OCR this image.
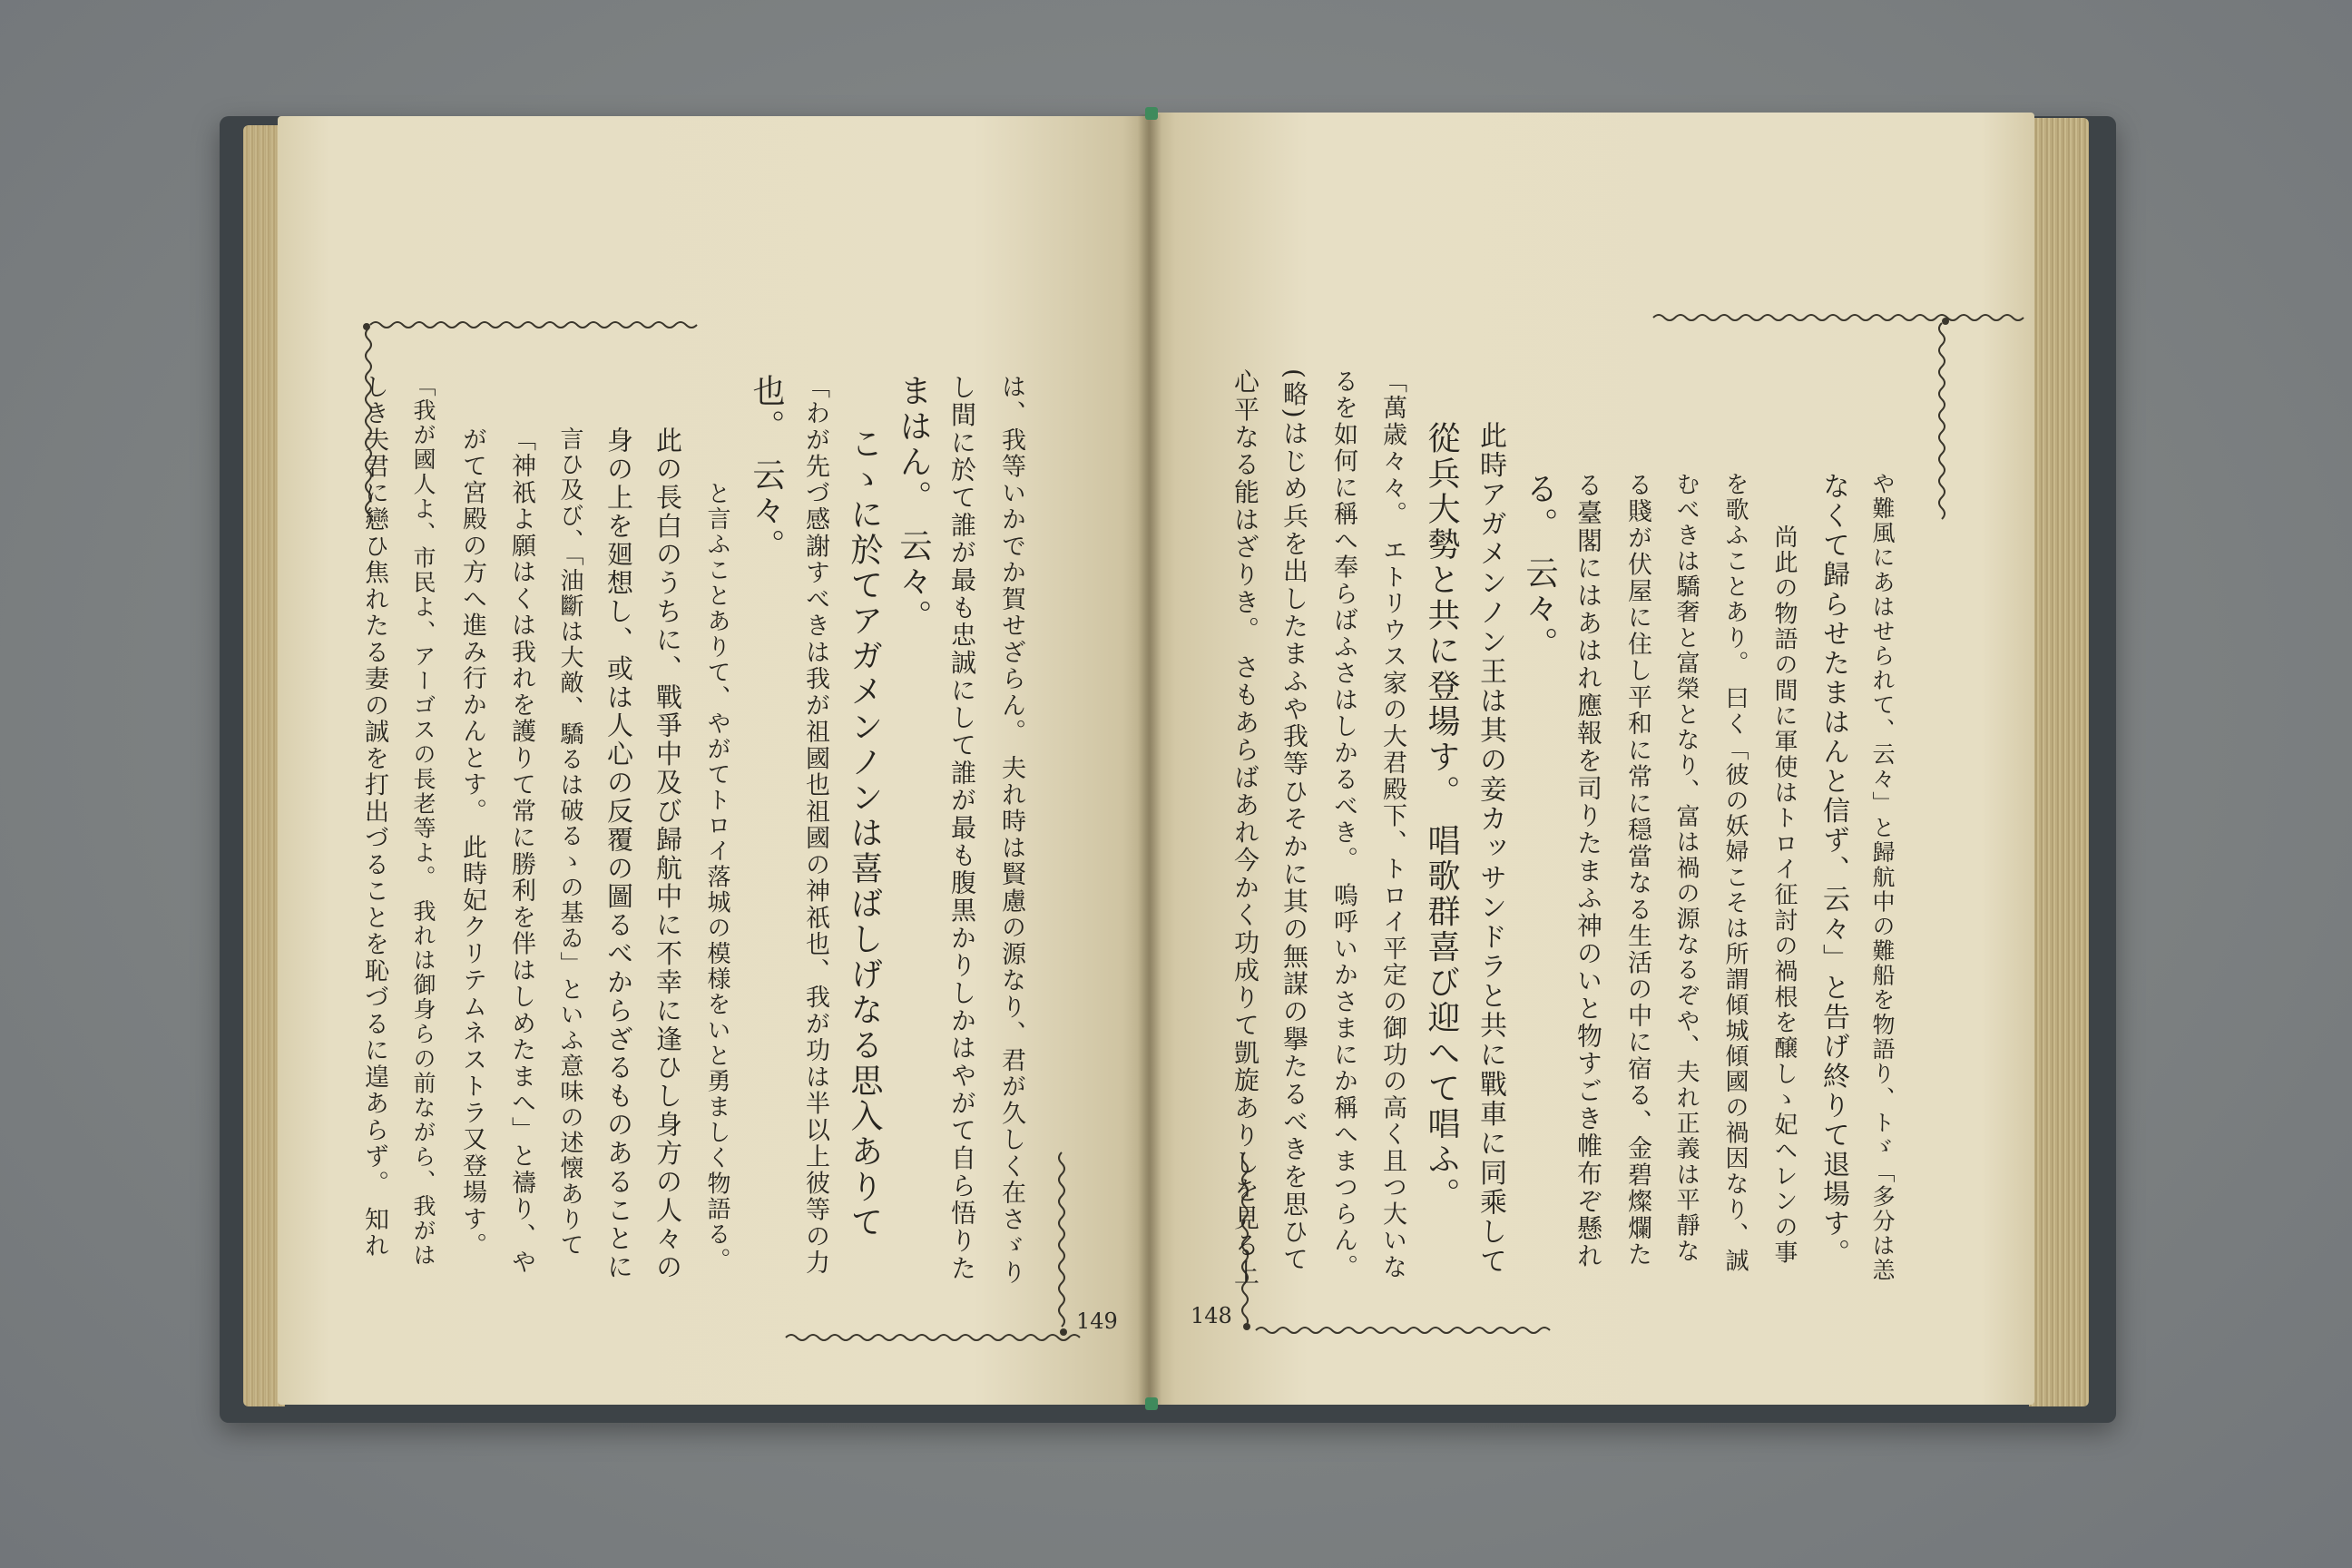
は、我等いかでか賀せざらん。 夫れ時は賢慮の源なり、君が久しく在さゞり
し間に於て誰が最も忠誠にして誰が最も腹黒かりしかはやがて自ら悟りた
まはん。 云々。
こゝに於てアガメンノンは喜ばしげなる思入ありて
「わが先づ感謝すべきは我が祖國也祖國の神祇也、我が功は半以上彼等の力
也。 云々。
と言ふことありて、やがてトロイ落城の模様をいと勇ましく物語る。
此の長白のうちに、戰爭中及び歸航中に不幸に逢ひし身方の人々の
身の上を廻想し、或は人心の反覆の圖るべからざるものあることに
言ひ及び、「油斷は大敵、驕るは破るゝの基ゐ」といふ意味の述懐ありて
「神祇よ願はくは我れを護りて常に勝利を伴はしめたまへ」と禱り、や
がて宮殿の方へ進み行かんとす。 此時妃クリテムネストラ又登場す。
「我が國人よ、市民よ、アーゴスの長老等よ。 我れは御身らの前ながら、我がは
しき夫君に戀ひ焦れたる妻の誠を打出づることを恥づるに遑あらず。 知れ
149
や難風にあはせられて、云々」と歸航中の難船を物語り、トゞ「多分は恙
なくて歸らせたまはんと信ず、云々」と告げ終りて退場す。
尚此の物語の間に軍使はトロイ征討の禍根を醸しゝ妃ヘレンの事
を歌ふことあり。 曰く「彼の妖婦こそは所謂傾城傾國の禍因なり、誠
むべきは驕奢と富榮となり、富は禍の源なるぞや、夫れ正義は平靜な
る賤が伏屋に住し平和に常に穏當なる生活の中に宿る、金碧燦爛た
る臺閣にはあはれ應報を司りたまふ神のいと物すごき帷布ぞ懸れ
る。 云々。
此時アガメンノン王は其の妾カッサンドラと共に戰車に同乘して
從兵大勢と共に登場す。 唱歌群喜び迎へて唱ふ。
「萬歳々々。 エトリウス家の大君殿下、トロイ平定の御功の高く且つ大いな
るを如何に稱へ奉らばふさはしかるべき。 嗚呼いかさまにか稱へまつらん。
(略)はじめ兵を出したまふや我等ひそかに其の無謀の擧たるべきを思ひて
心平なる能はざりき。 さもあらばあれ今かく功成りて凱旋ありしを見る上
148
